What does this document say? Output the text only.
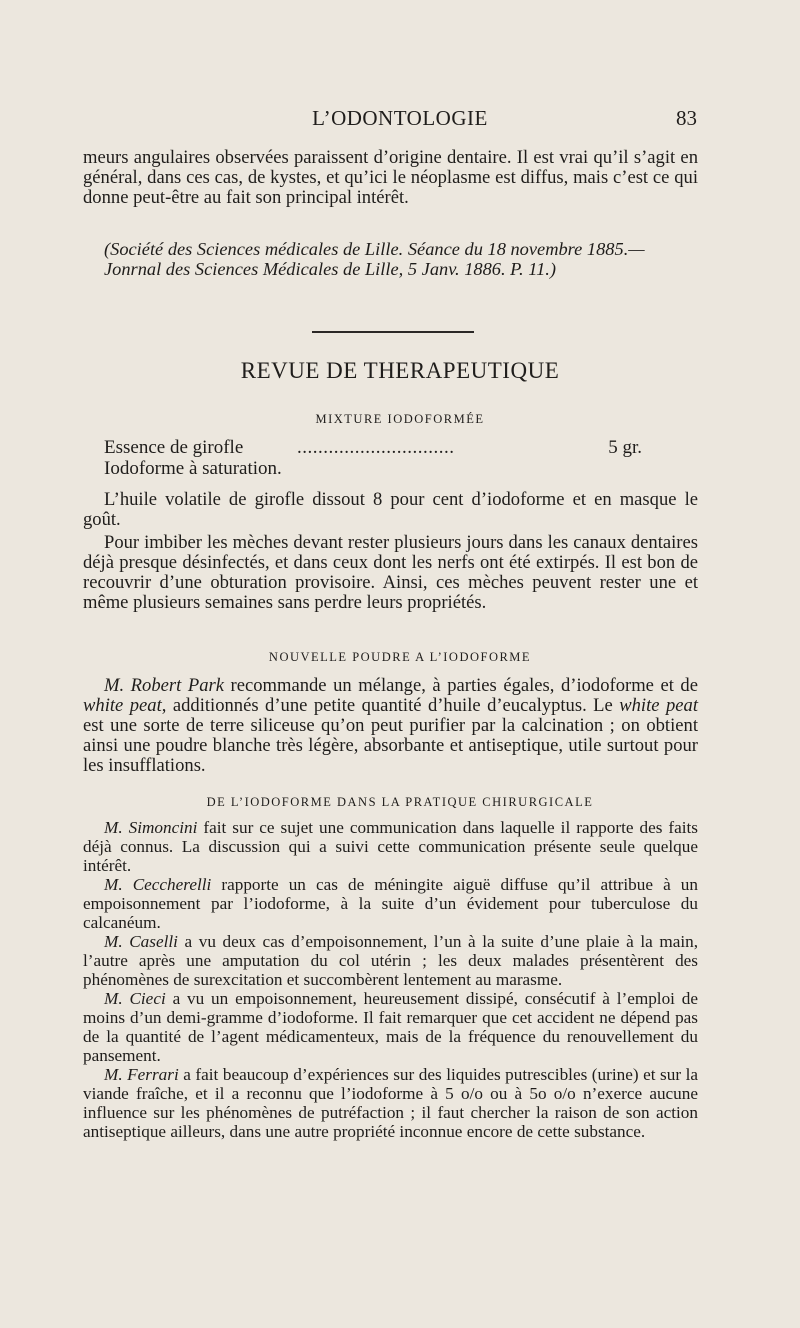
L’ODONTOLOGIE	83
meurs angulaires observées paraissent d’origine dentaire. Il est vrai qu’il s’agit en général, dans ces cas, de kystes, et qu’ici le néoplasme est diffus, mais c’est ce qui donne peut-être au fait son principal intérêt.
(Société des Sciences médicales de Lille. Séance du 18 novembre 1885.— Jonrnal des Sciences Médicales de Lille, 5 Janv. 1886. P. 11.)
REVUE DE THERAPEUTIQUE
MIXTURE IODOFORMÉE
Essence de girofle	..............................	5 gr.
Iodoforme à saturation.
L’huile volatile de girofle dissout 8 pour cent d’iodoforme et en masque le goût.
Pour imbiber les mèches devant rester plusieurs jours dans les canaux dentaires déjà presque désinfectés, et dans ceux dont les nerfs ont été extirpés. Il est bon de recouvrir d’une obturation provisoire. Ainsi, ces mèches peuvent rester une et même plusieurs semaines sans perdre leurs propriétés.
NOUVELLE POUDRE A L’IODOFORME
M. Robert Park recommande un mélange, à parties égales, d’iodoforme et de white peat, additionnés d’une petite quantité d’huile d’eucalyptus. Le white peat est une sorte de terre siliceuse qu’on peut purifier par la calcination ; on obtient ainsi une poudre blanche très légère, absorbante et antiseptique, utile surtout pour les insufflations.
DE L’IODOFORME DANS LA PRATIQUE CHIRURGICALE
M. Simoncini fait sur ce sujet une communication dans laquelle il rapporte des faits déjà connus. La discussion qui a suivi cette communication présente seule quelque intérêt.
M. Ceccherelli rapporte un cas de méningite aiguë diffuse qu’il attribue à un empoisonnement par l’iodoforme, à la suite d’un évidement pour tuberculose du calcanéum.
M. Caselli a vu deux cas d’empoisonnement, l’un à la suite d’une plaie à la main, l’autre après une amputation du col utérin ; les deux malades présentèrent des phénomènes de surexcitation et succombèrent lentement au marasme.
M. Cieci a vu un empoisonnement, heureusement dissipé, consécutif à l’emploi de moins d’un demi-gramme d’iodoforme. Il fait remarquer que cet accident ne dépend pas de la quantité de l’agent médicamenteux, mais de la fréquence du renouvellement du pansement.
M. Ferrari a fait beaucoup d’expériences sur des liquides putrescibles (urine) et sur la viande fraîche, et il a reconnu que l’iodoforme à 5 o/o ou à 5o o/o n’exerce aucune influence sur les phénomènes de putréfaction ; il faut chercher la raison de son action antiseptique ailleurs, dans une autre propriété inconnue encore de cette substance.
